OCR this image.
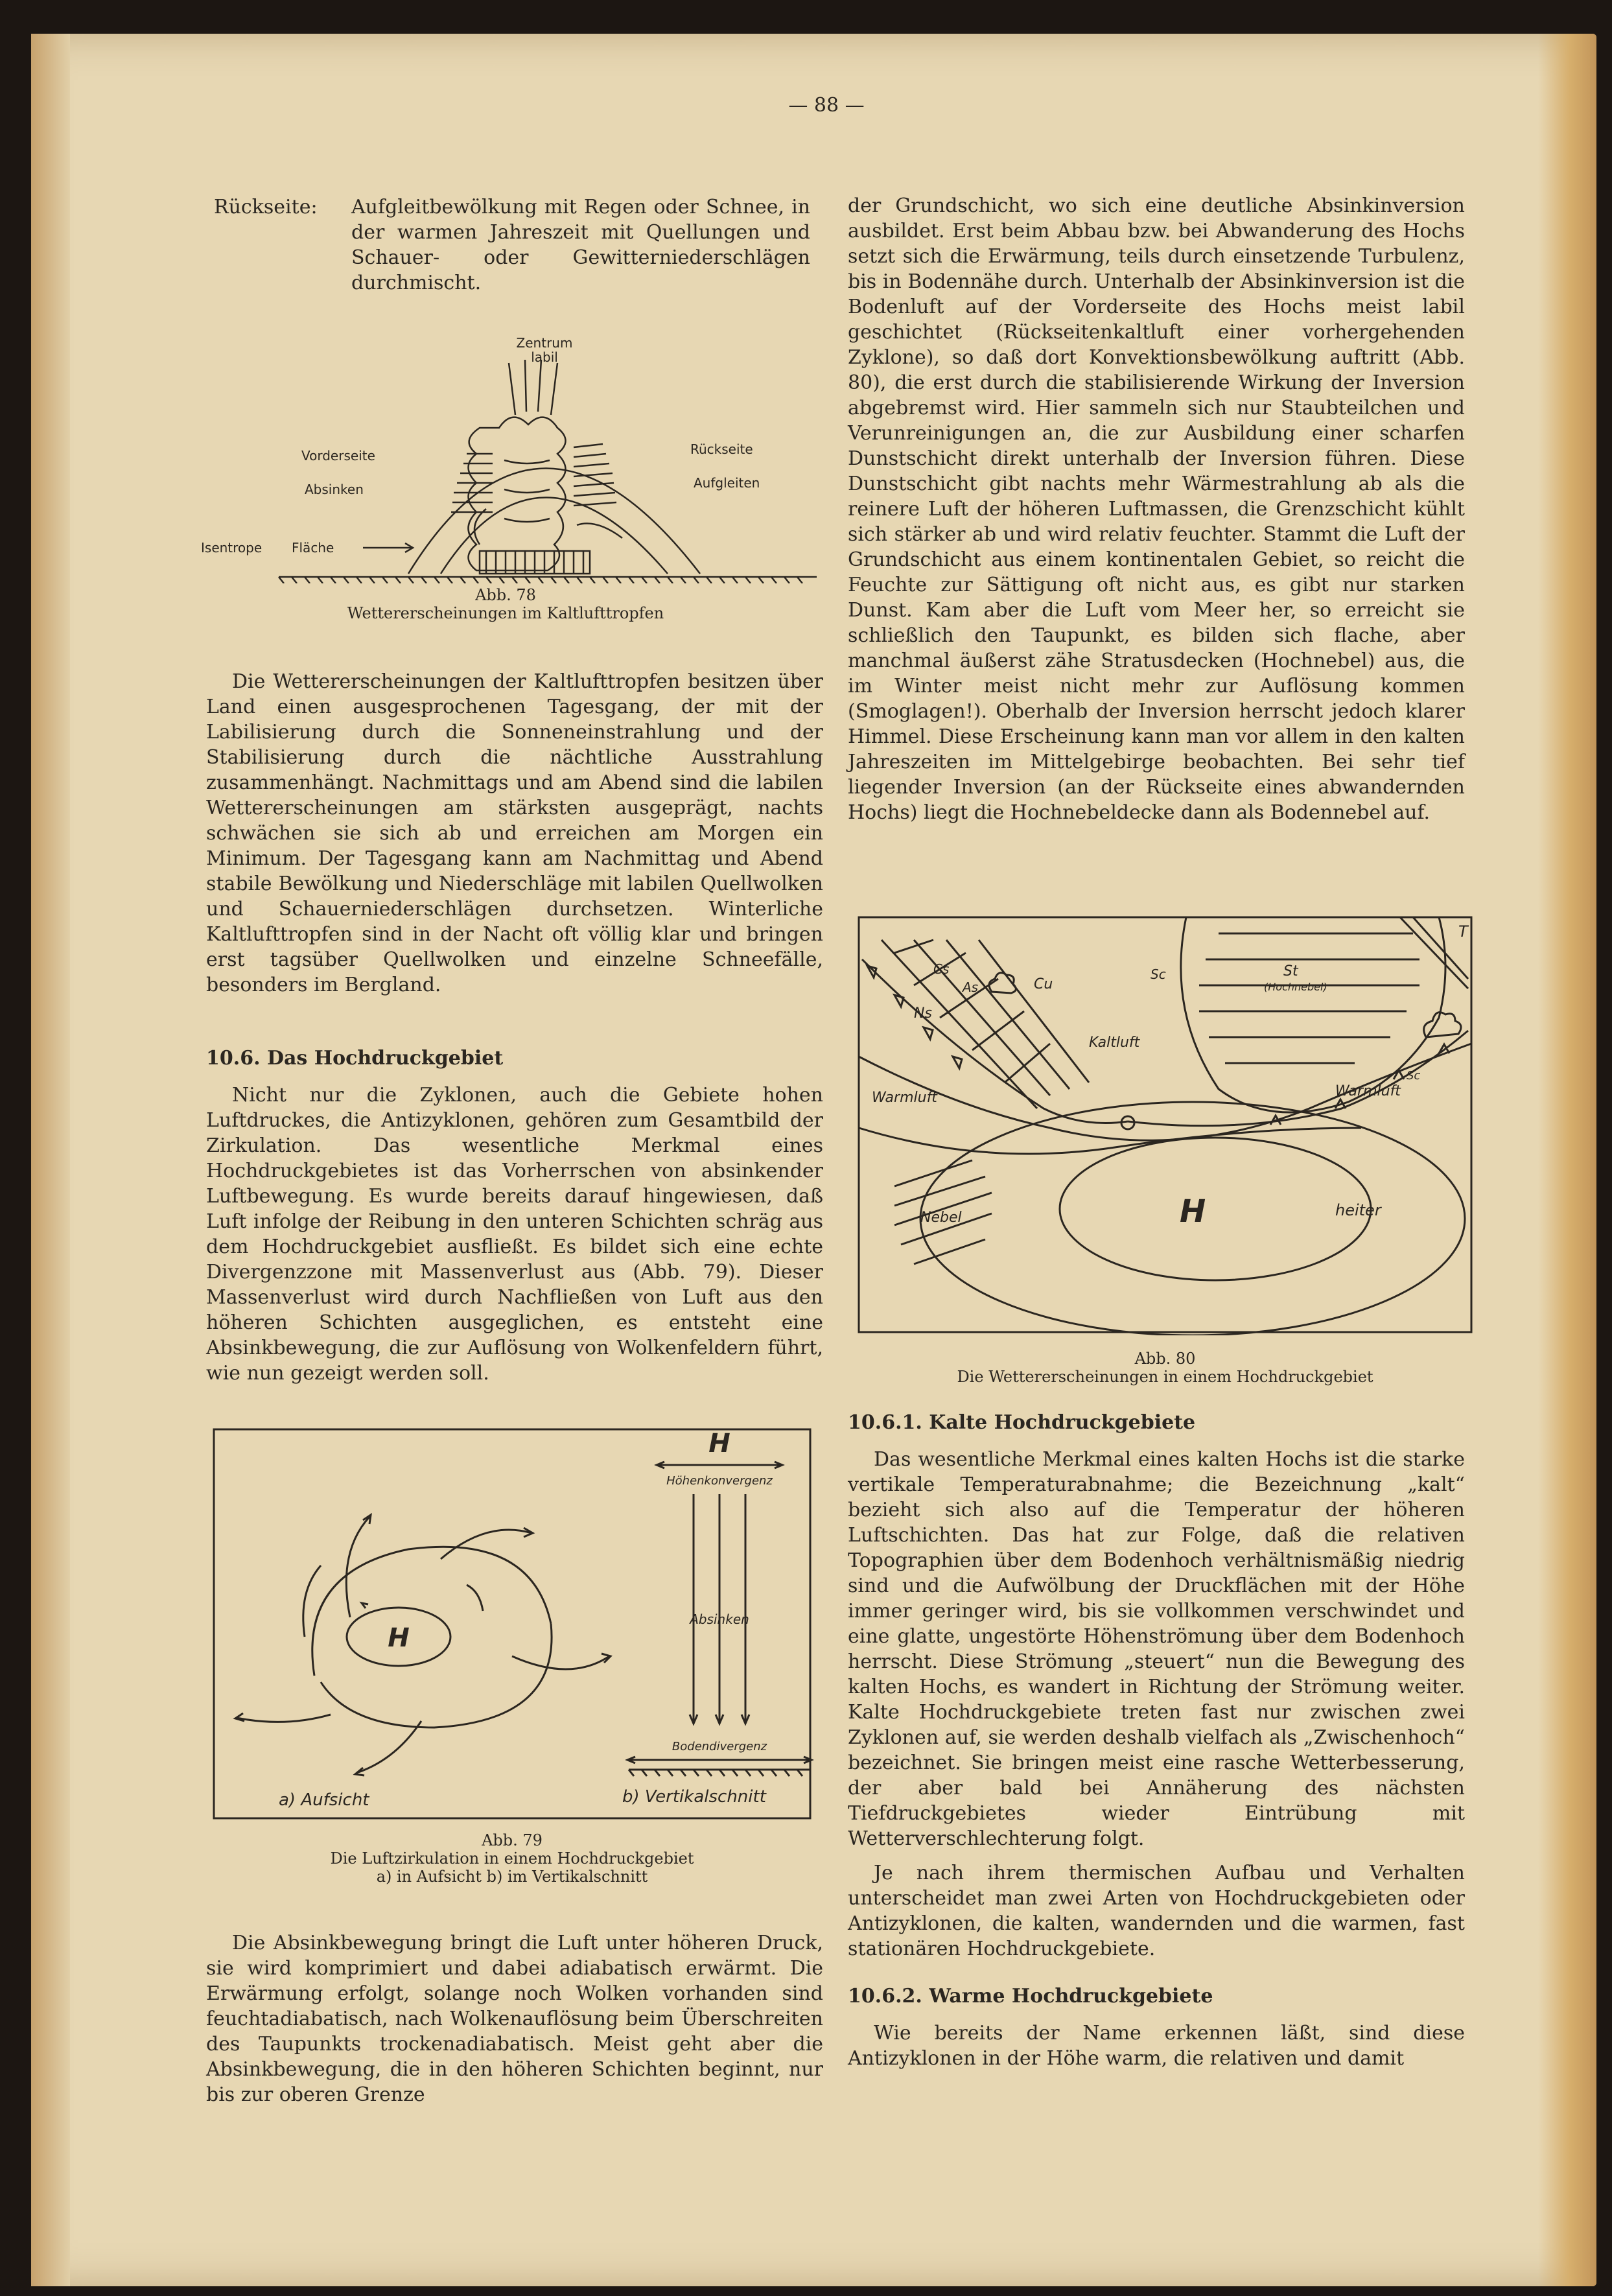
— 88 —
Rückseite: Aufgleitbewölkung mit Regen oder Schnee, in der warmen Jahreszeit mit Quellungen und Schauer- oder Gewitterniederschlägen durchmischt.
Zentrum
labil
Vorderseite
Absinken
Rückseite
Aufgleiten
Isentrope Fläche
Abb. 78
Wettererscheinungen im Kaltlufttropfen

Die Wettererscheinungen der Kaltlufttropfen besitzen über Land einen ausgesprochenen Tagesgang, der mit der Labilisierung durch die Sonneneinstrahlung und der Stabilisierung durch die nächtliche Ausstrahlung zusammenhängt. Nachmittags und am Abend sind die labilen Wettererscheinungen am stärksten ausgeprägt, nachts schwächen sie sich ab und erreichen am Morgen ein Minimum. Der Tagesgang kann am Nachmittag und Abend stabile Bewölkung und Niederschläge mit labilen Quellwolken und Schauerniederschlägen durchsetzen. Winterliche Kaltlufttropfen sind in der Nacht oft völlig klar und bringen erst tagsüber Quellwolken und einzelne Schneefälle, besonders im Bergland.

10.6. Das Hochdruckgebiet

Nicht nur die Zyklonen, auch die Gebiete hohen Luftdruckes, die Antizyklonen, gehören zum Gesamtbild der Zirkulation. Das wesentliche Merkmal eines Hochdruckgebietes ist das Vorherrschen von absinkender Luftbewegung. Es wurde bereits darauf hingewiesen, daß Luft infolge der Reibung in den unteren Schichten schräg aus dem Hochdruckgebiet ausfließt. Es bildet sich eine echte Divergenzzone mit Massenverlust aus (Abb. 79). Dieser Massenverlust wird durch Nachfließen von Luft aus den höheren Schichten ausgeglichen, es entsteht eine Absinkbewegung, die zur Auflösung von Wolkenfeldern führt, wie nun gezeigt werden soll.

H
H
Höhenkonvergenz
Absinken
Bodendivergenz
a) Aufsicht	b) Vertikalschnitt
Abb. 79
Die Luftzirkulation in einem Hochdruckgebiet
a) in Aufsicht b) im Vertikalschnitt

Die Absinkbewegung bringt die Luft unter höheren Druck, sie wird komprimiert und dabei adiabatisch erwärmt. Die Erwärmung erfolgt, solange noch Wolken vorhanden sind feuchtadiabatisch, nach Wolkenauflösung beim Überschreiten des Taupunkts trockenadiabatisch. Meist geht aber die Absinkbewegung, die in den höheren Schichten beginnt, nur bis zur oberen Grenze

der Grundschicht, wo sich eine deutliche Absinkinversion ausbildet. Erst beim Abbau bzw. bei Abwanderung des Hochs setzt sich die Erwärmung, teils durch einsetzende Turbulenz, bis in Bodennähe durch. Unterhalb der Absinkinversion ist die Bodenluft auf der Vorderseite des Hochs meist labil geschichtet (Rückseitenkaltluft einer vorhergehenden Zyklone), so daß dort Konvektionsbewölkung auftritt (Abb. 80), die erst durch die stabilisierende Wirkung der Inversion abgebremst wird. Hier sammeln sich nur Staubteilchen und Verunreinigungen an, die zur Ausbildung einer scharfen Dunstschicht direkt unterhalb der Inversion führen. Diese Dunstschicht gibt nachts mehr Wärmestrahlung ab als die reinere Luft der höheren Luftmassen, die Grenzschicht kühlt sich stärker ab und wird relativ feuchter. Stammt die Luft der Grundschicht aus einem kontinentalen Gebiet, so reicht die Feuchte zur Sättigung oft nicht aus, es gibt nur starken Dunst. Kam aber die Luft vom Meer her, so erreicht sie schließlich den Taupunkt, es bilden sich flache, aber manchmal äußerst zähe Stratusdecken (Hochnebel) aus, die im Winter meist nicht mehr zur Auflösung kommen (Smoglagen!). Oberhalb der Inversion herrscht jedoch klarer Himmel. Diese Erscheinung kann man vor allem in den kalten Jahreszeiten im Mittelgebirge beobachten. Bei sehr tief liegender Inversion (an der Rückseite eines abwandernden Hochs) liegt die Hochnebeldecke dann als Bodennebel auf.

T
Cs
As
Ns
Cu
Sc	St
(Hochnebel)
Kaltluft
Warmluft	Warmluft
Sc
Nebel	H	heiter
Abb. 80
Die Wettererscheinungen in einem Hochdruckgebiet
10.6.1. Kalte Hochdruckgebiete

Das wesentliche Merkmal eines kalten Hochs ist die starke vertikale Temperaturabnahme; die Bezeichnung „kalt“ bezieht sich also auf die Temperatur der höheren Luftschichten. Das hat zur Folge, daß die relativen Topographien über dem Bodenhoch verhältnismäßig niedrig sind und die Aufwölbung der Druckflächen mit der Höhe immer geringer wird, bis sie vollkommen verschwindet und eine glatte, ungestörte Höhenströmung über dem Bodenhoch herrscht. Diese Strömung „steuert“ nun die Bewegung des kalten Hochs, es wandert in Richtung der Strömung weiter. Kalte Hochdruckgebiete treten fast nur zwischen zwei Zyklonen auf, sie werden deshalb vielfach als „Zwischenhoch“ bezeichnet. Sie bringen meist eine rasche Wetterbesserung, der aber bald bei Annäherung des nächsten Tiefdruckgebietes wieder Eintrübung mit Wetterverschlechterung folgt.

Je nach ihrem thermischen Aufbau und Verhalten unterscheidet man zwei Arten von Hochdruckgebieten oder Antizyklonen, die kalten, wandernden und die warmen, fast stationären Hochdruckgebiete.

10.6.2. Warme Hochdruckgebiete

Wie bereits der Name erkennen läßt, sind diese Antizyklonen in der Höhe warm, die relativen und damit
